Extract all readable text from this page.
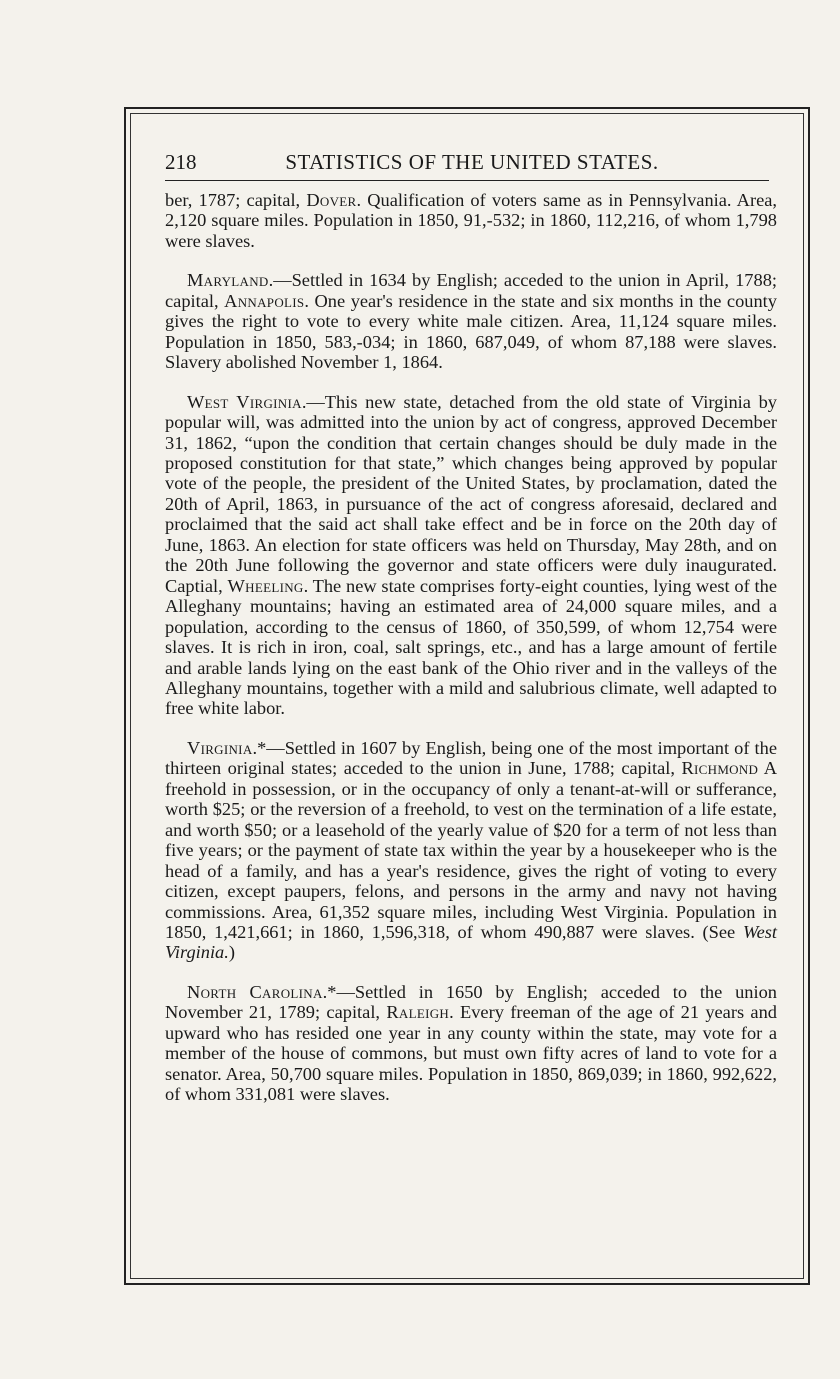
218	STATISTICS OF THE UNITED STATES.

ber, 1787; capital, Dover. Qualification of voters same as in Pennsylvania. Area, 2,120 square miles. Population in 1850, 91,-532; in 1860, 112,216, of whom 1,798 were slaves.

Maryland.—Settled in 1634 by English; acceded to the union in April, 1788; capital, Annapolis. One year's residence in the state and six months in the county gives the right to vote to every white male citizen. Area, 11,124 square miles. Population in 1850, 583,-034; in 1860, 687,049, of whom 87,188 were slaves. Slavery abolished November 1, 1864.

West Virginia.—This new state, detached from the old state of Virginia by popular will, was admitted into the union by act of congress, approved December 31, 1862, “upon the condition that certain changes should be duly made in the proposed constitution for that state,” which changes being approved by popular vote of the people, the president of the United States, by proclamation, dated the 20th of April, 1863, in pursuance of the act of congress aforesaid, declared and proclaimed that the said act shall take effect and be in force on the 20th day of June, 1863. An election for state officers was held on Thursday, May 28th, and on the 20th June following the governor and state officers were duly inaugurated. Captial, Wheeling. The new state comprises forty-eight counties, lying west of the Alleghany mountains; having an estimated area of 24,000 square miles, and a population, according to the census of 1860, of 350,599, of whom 12,754 were slaves. It is rich in iron, coal, salt springs, etc., and has a large amount of fertile and arable lands lying on the east bank of the Ohio river and in the valleys of the Alleghany mountains, together with a mild and salubrious climate, well adapted to free white labor.

Virginia.*—Settled in 1607 by English, being one of the most important of the thirteen original states; acceded to the union in June, 1788; capital, Richmond A freehold in possession, or in the occupancy of only a tenant-at-will or sufferance, worth $25; or the reversion of a freehold, to vest on the termination of a life estate, and worth $50; or a leasehold of the yearly value of $20 for a term of not less than five years; or the payment of state tax within the year by a housekeeper who is the head of a family, and has a year's residence, gives the right of voting to every citizen, except paupers, felons, and persons in the army and navy not having commissions. Area, 61,352 square miles, including West Virginia. Population in 1850, 1,421,661; in 1860, 1,596,318, of whom 490,887 were slaves. (See West Virginia.)

North Carolina.*—Settled in 1650 by English; acceded to the union November 21, 1789; capital, Raleigh. Every freeman of the age of 21 years and upward who has resided one year in any county within the state, may vote for a member of the house of commons, but must own fifty acres of land to vote for a senator. Area, 50,700 square miles. Population in 1850, 869,039; in 1860, 992,622, of whom 331,081 were slaves.
